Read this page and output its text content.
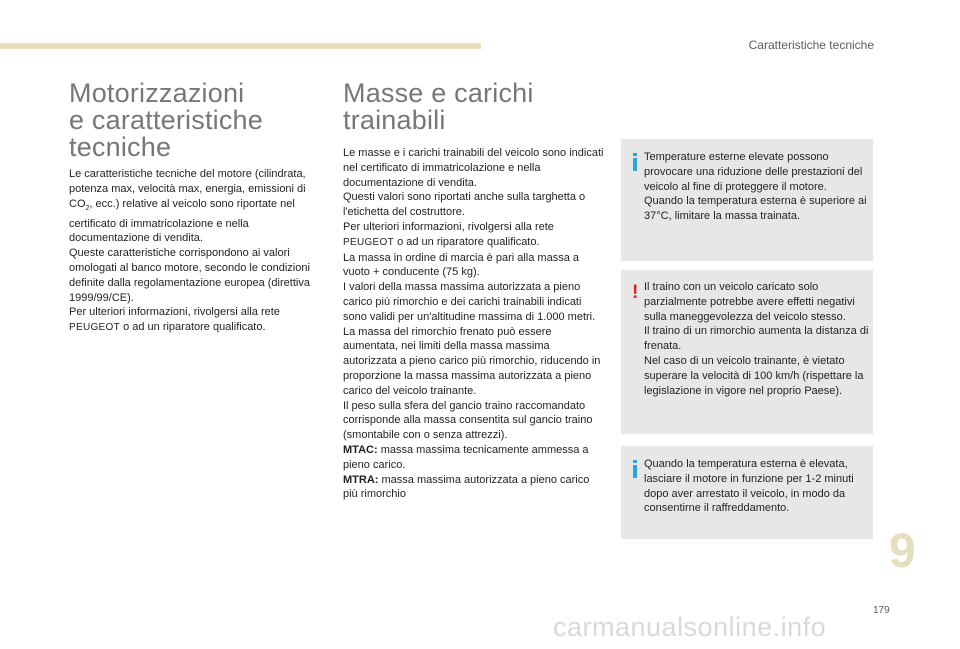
Caratteristiche tecniche
Motorizzazioni
e caratteristiche
tecniche

Le caratteristiche tecniche del motore (cilindrata, potenza max, velocità max, energia, emissioni di $CO_2$, ecc.) relative al veicolo sono riportate nel certificato di immatricolazione e nella documentazione di vendita.

Queste caratteristiche corrispondono ai valori omologati al banco motore, secondo le condizioni definite dalla regolamentazione europea (direttiva 1999/99/CE).

Per ulteriori informazioni, rivolgersi alla rete PEUGEOT o ad un riparatore qualificato.

Masse e carichi
trainabili

Le masse e i carichi trainabili del veicolo sono indicati nel certificato di immatricolazione e nella documentazione di vendita.

Questi valori sono riportati anche sulla targhetta o l'etichetta del costruttore.

Per ulteriori informazioni, rivolgersi alla rete PEUGEOT o ad un riparatore qualificato.

La massa in ordine di marcia è pari alla massa a vuoto + conducente (75 kg).

I valori della massa massima autorizzata a pieno carico più rimorchio e dei carichi trainabili indicati sono validi per un'altitudine massima di 1.000 metri.

La massa del rimorchio frenato può essere aumentata, nei limiti della massa massima autorizzata a pieno carico più rimorchio, riducendo in proporzione la massa massima autorizzata a pieno carico del veicolo trainante.

Il peso sulla sfera del gancio traino raccomandato corrisponde alla massa consentita sul gancio traino (smontabile con o senza attrezzi).

MTAC: massa massima tecnicamente ammessa a pieno carico.

MTRA: massa massima autorizzata a pieno carico più rimorchio

Temperature esterne elevate possono provocare una riduzione delle prestazioni del veicolo al fine di proteggere il motore. Quando la temperatura esterna è superiore ai 37°C, limitare la massa trainata.
! Il traino con un veicolo caricato solo parzialmente potrebbe avere effetti negativi sulla maneggevolezza del veicolo stesso.

Il traino di un rimorchio aumenta la distanza di frenata.

Nel caso di un veicolo trainante, è vietato superare la velocità di 100 km/h (rispettare la legislazione in vigore nel proprio Paese).

Quando la temperatura esterna è elevata, lasciare il motore in funzione per 1-2 minuti dopo aver arrestato il veicolo, in modo da consentirne il raffreddamento.
9
179
carmanualsonline.info
